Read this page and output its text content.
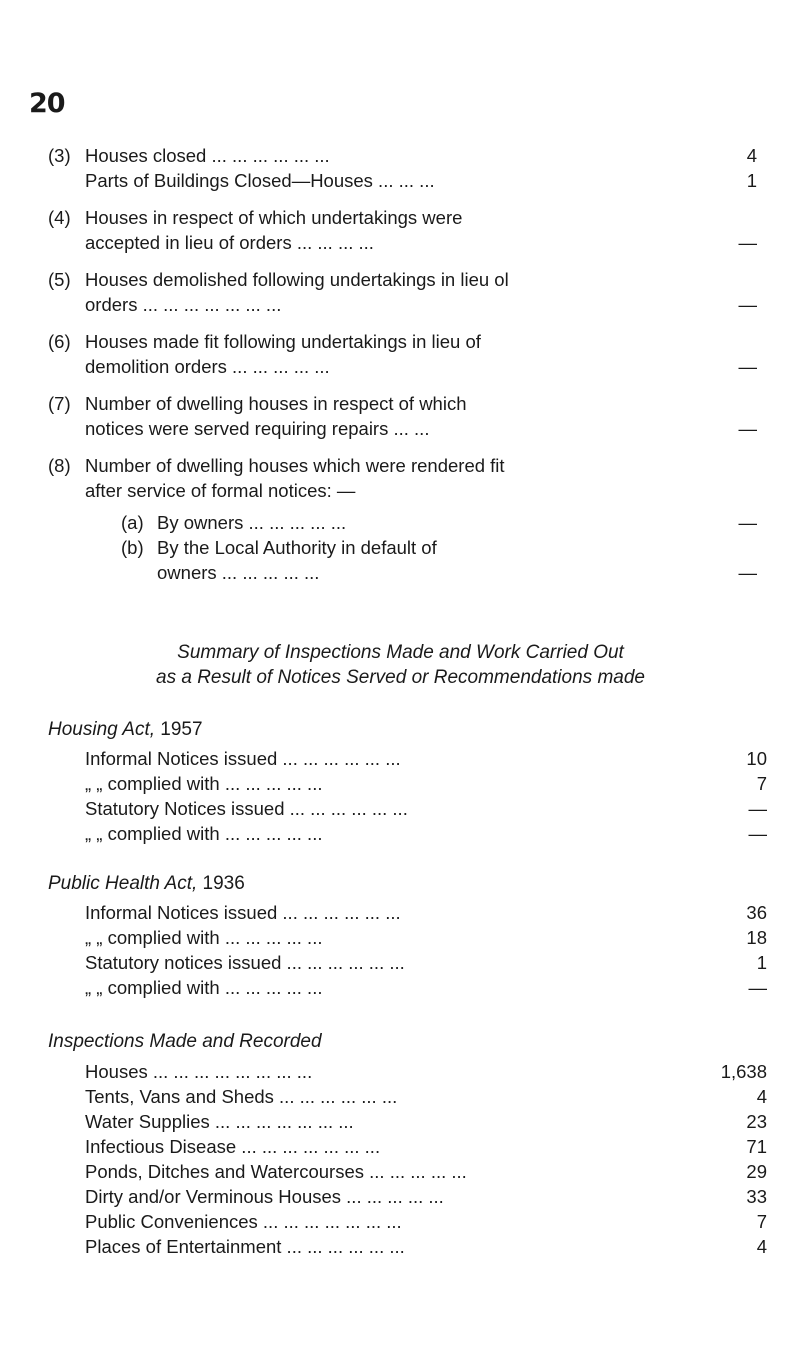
20
(3) Houses closed ... ... ... ... ... ...	4
Parts of Buildings Closed—Houses ... ... ...	1
(4) Houses in respect of which undertakings were
accepted in lieu of orders ... ... ... ...	—
(5) Houses demolished following undertakings in lieu ol
orders ... ... ... ... ... ... ...	—
(6) Houses made fit following undertakings in lieu of
demolition orders ... ... ... ... ...	—
(7) Number of dwelling houses in respect of which
notices were served requiring repairs ... ...	—
(8) Number of dwelling houses which were rendered fit
after service of formal notices: —
(a) By owners ... ... ... ... ...	—
(b) By the Local Authority in default of
owners ... ... ... ... ...	—
Summary of Inspections Made and Work Carried Out
as a Result of Notices Served or Recommendations made
Housing Act, 1957
Informal Notices issued ... ... ... ... ... ...	10
„ „ complied with ... ... ... ... ...	7
Statutory Notices issued ... ... ... ... ... ...	—
„ „ complied with ... ... ... ... ...	—
Public Health Act, 1936
Informal Notices issued ... ... ... ... ... ...	36
„ „ complied with ... ... ... ... ...	18
Statutory notices issued ... ... ... ... ... ...	1
„ „ complied with ... ... ... ... ...	—
Inspections Made and Recorded
Houses ... ... ... ... ... ... ... ...	1,638
Tents, Vans and Sheds ... ... ... ... ... ...	4
Water Supplies ... ... ... ... ... ... ...	23
Infectious Disease ... ... ... ... ... ... ...	71
Ponds, Ditches and Watercourses ... ... ... ... ...	29
Dirty and/or Verminous Houses ... ... ... ... ...	33
Public Conveniences ... ... ... ... ... ... ...	7
Places of Entertainment ... ... ... ... ... ...	4
